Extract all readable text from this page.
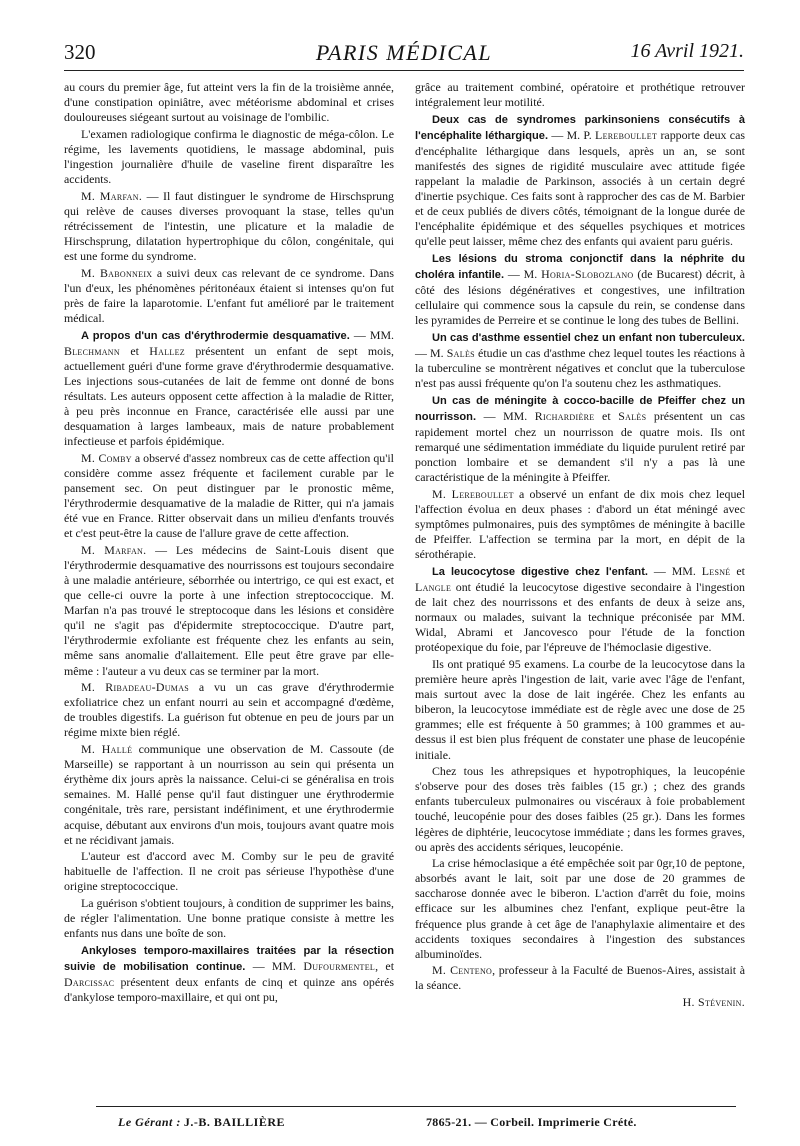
320	PARIS MÉDICAL	16 Avril 1921.

au cours du premier âge, fut atteint vers la fin de la troisième année, d'une constipation opiniâtre, avec météorisme abdominal et crises douloureuses siégeant surtout au voisinage de l'ombilic.

L'examen radiologique confirma le diagnostic de méga-côlon. Le régime, les lavements quotidiens, le massage abdominal, puis l'ingestion journalière d'huile de vaseline firent disparaître les accidents.

M. Marfan. — Il faut distinguer le syndrome de Hirschsprung qui relève de causes diverses provoquant la stase, telles qu'un rétrécissement de l'intestin, une plicature et la maladie de Hirschsprung, dilatation hypertrophique du côlon, congénitale, qui est une forme du syndrome.

M. Babonneix a suivi deux cas relevant de ce syndrome. Dans l'un d'eux, les phénomènes péritonéaux étaient si intenses qu'on fut près de faire la laparotomie. L'enfant fut amélioré par le traitement médical.

A propos d'un cas d'érythrodermie desquamative. — MM. Blechmann et Hallez présentent un enfant de sept mois, actuellement guéri d'une forme grave d'érythrodermie desquamative. Les injections sous-cutanées de lait de femme ont donné de bons résultats. Les auteurs opposent cette affection à la maladie de Ritter, à peu près inconnue en France, caractérisée elle aussi par une desquamation à larges lambeaux, mais de nature probablement infectieuse et parfois épidémique.

M. Comby a observé d'assez nombreux cas de cette affection qu'il considère comme assez fréquente et facilement curable par le pansement sec. On peut distinguer par le pronostic même, l'érythrodermie desquamative de la maladie de Ritter, qui n'a jamais été vue en France. Ritter observait dans un milieu d'enfants trouvés et c'est peut-être la cause de l'allure grave de cette affection.

M. Marfan. — Les médecins de Saint-Louis disent que l'érythrodermie desquamative des nourrissons est toujours secondaire à une maladie antérieure, séborrhée ou intertrigo, ce qui est exact, et que celle-ci ouvre la porte à une infection streptococcique. M. Marfan n'a pas trouvé le streptocoque dans les lésions et considère qu'il ne s'agit pas d'épidermite streptococcique. D'autre part, l'érythrodermie exfoliante est fréquente chez les enfants au sein, même sans anomalie d'allaitement. Elle peut être grave par elle-même : l'auteur a vu deux cas se terminer par la mort.

M. Ribadeau-Dumas a vu un cas grave d'érythrodermie exfoliatrice chez un enfant nourri au sein et accompagné d'œdème, de troubles digestifs. La guérison fut obtenue en peu de jours par un régime mixte bien réglé.

M. Hallé communique une observation de M. Cassoute (de Marseille) se rapportant à un nourrisson au sein qui présenta un érythème dix jours après la naissance. Celui-ci se généralisa en trois semaines. M. Hallé pense qu'il faut distinguer une érythrodermie congénitale, très rare, persistant indéfiniment, et une érythrodermie acquise, débutant aux environs d'un mois, toujours avant quatre mois et ne récidivant jamais.

L'auteur est d'accord avec M. Comby sur le peu de gravité habituelle de l'affection. Il ne croit pas sérieuse l'hypothèse d'une origine streptococcique.

La guérison s'obtient toujours, à condition de supprimer les bains, de régler l'alimentation. Une bonne pratique consiste à mettre les enfants nus dans une boîte de son.

Ankyloses temporo-maxillaires traitées par la résection suivie de mobilisation continue. — MM. Dufourmentel, et Darcissac présentent deux enfants de cinq et quinze ans opérés d'ankylose temporo-maxillaire, et qui ont pu,

grâce au traitement combiné, opératoire et prothétique retrouver intégralement leur motilité.

Deux cas de syndromes parkinsoniens consécutifs à l'encéphalite léthargique. — M. P. Lereboullet rapporte deux cas d'encéphalite léthargique dans lesquels, après un an, se sont manifestés des signes de rigidité musculaire avec attitude figée rappelant la maladie de Parkinson, associés à un certain degré d'inertie psychique. Ces faits sont à rapprocher des cas de M. Barbier et de ceux publiés de divers côtés, témoignant de la longue durée de l'encéphalite épidémique et des séquelles psychiques et motrices qu'elle peut laisser, même chez des enfants qui avaient paru guéris.

Les lésions du stroma conjonctif dans la néphrite du choléra infantile. — M. Horia-Slobozlano (de Bucarest) décrit, à côté des lésions dégénératives et congestives, une infiltration cellulaire qui commence sous la capsule du rein, se condense dans les pyramides de Perreire et se continue le long des tubes de Bellini.

Un cas d'asthme essentiel chez un enfant non tuberculeux. — M. Salès étudie un cas d'asthme chez lequel toutes les réactions à la tuberculine se montrèrent négatives et conclut que la tuberculose n'est pas aussi fréquente qu'on l'a soutenu chez les asthmatiques.

Un cas de méningite à cocco-bacille de Pfeiffer chez un nourrisson. — MM. Richardière et Salès présentent un cas rapidement mortel chez un nourrisson de quatre mois. Ils ont remarqué une sédimentation immédiate du liquide purulent retiré par ponction lombaire et se demandent s'il n'y a pas là une caractéristique de la méningite à Pfeiffer.

M. Lereboullet a observé un enfant de dix mois chez lequel l'affection évolua en deux phases : d'abord un état méningé avec symptômes pulmonaires, puis des symptômes de méningite à bacille de Pfeiffer. L'affection se termina par la mort, en dépit de la sérothérapie.

La leucocytose digestive chez l'enfant. — MM. Lesné et Langle ont étudié la leucocytose digestive secondaire à l'ingestion de lait chez des nourrissons et des enfants de deux à seize ans, normaux ou malades, suivant la technique préconisée par MM. Widal, Abrami et Jancovesco pour l'étude de la fonction protéopexique du foie, par l'épreuve de l'hémoclasie digestive.

Ils ont pratiqué 95 examens. La courbe de la leucocytose dans la première heure après l'ingestion de lait, varie avec l'âge de l'enfant, mais surtout avec la dose de lait ingérée. Chez les enfants au biberon, la leucocytose immédiate est de règle avec une dose de 25 grammes; elle est fréquente à 50 grammes; à 100 grammes et au-dessus il est bien plus fréquent de constater une phase de leucopénie initiale.

Chez tous les athrepsiques et hypotrophiques, la leucopénie s'observe pour des doses très faibles (15 gr.) ; chez des grands enfants tuberculeux pulmonaires ou viscéraux à foie probablement touché, leucopénie pour des doses faibles (25 gr.). Dans les formes légères de diphtérie, leucocytose immédiate ; dans les formes graves, ou après des accidents sériques, leucopénie.

La crise hémoclasique a été empêchée soit par 0gr,10 de peptone, absorbés avant le lait, soit par une dose de 20 grammes de saccharose donnée avec le biberon. L'action d'arrêt du foie, moins efficace sur les albumines chez l'enfant, explique peut-être la fréquence plus grande à cet âge de l'anaphylaxie alimentaire et des accidents toxiques secondaires à l'ingestion des substances albuminoïdes.

M. Centeno, professeur à la Faculté de Buenos-Aires, assistait à la séance.

H. Stévenin.

Le Gérant : J.-B. BAILLIÈRE	7865-21. — Corbeil. Imprimerie Crété.
